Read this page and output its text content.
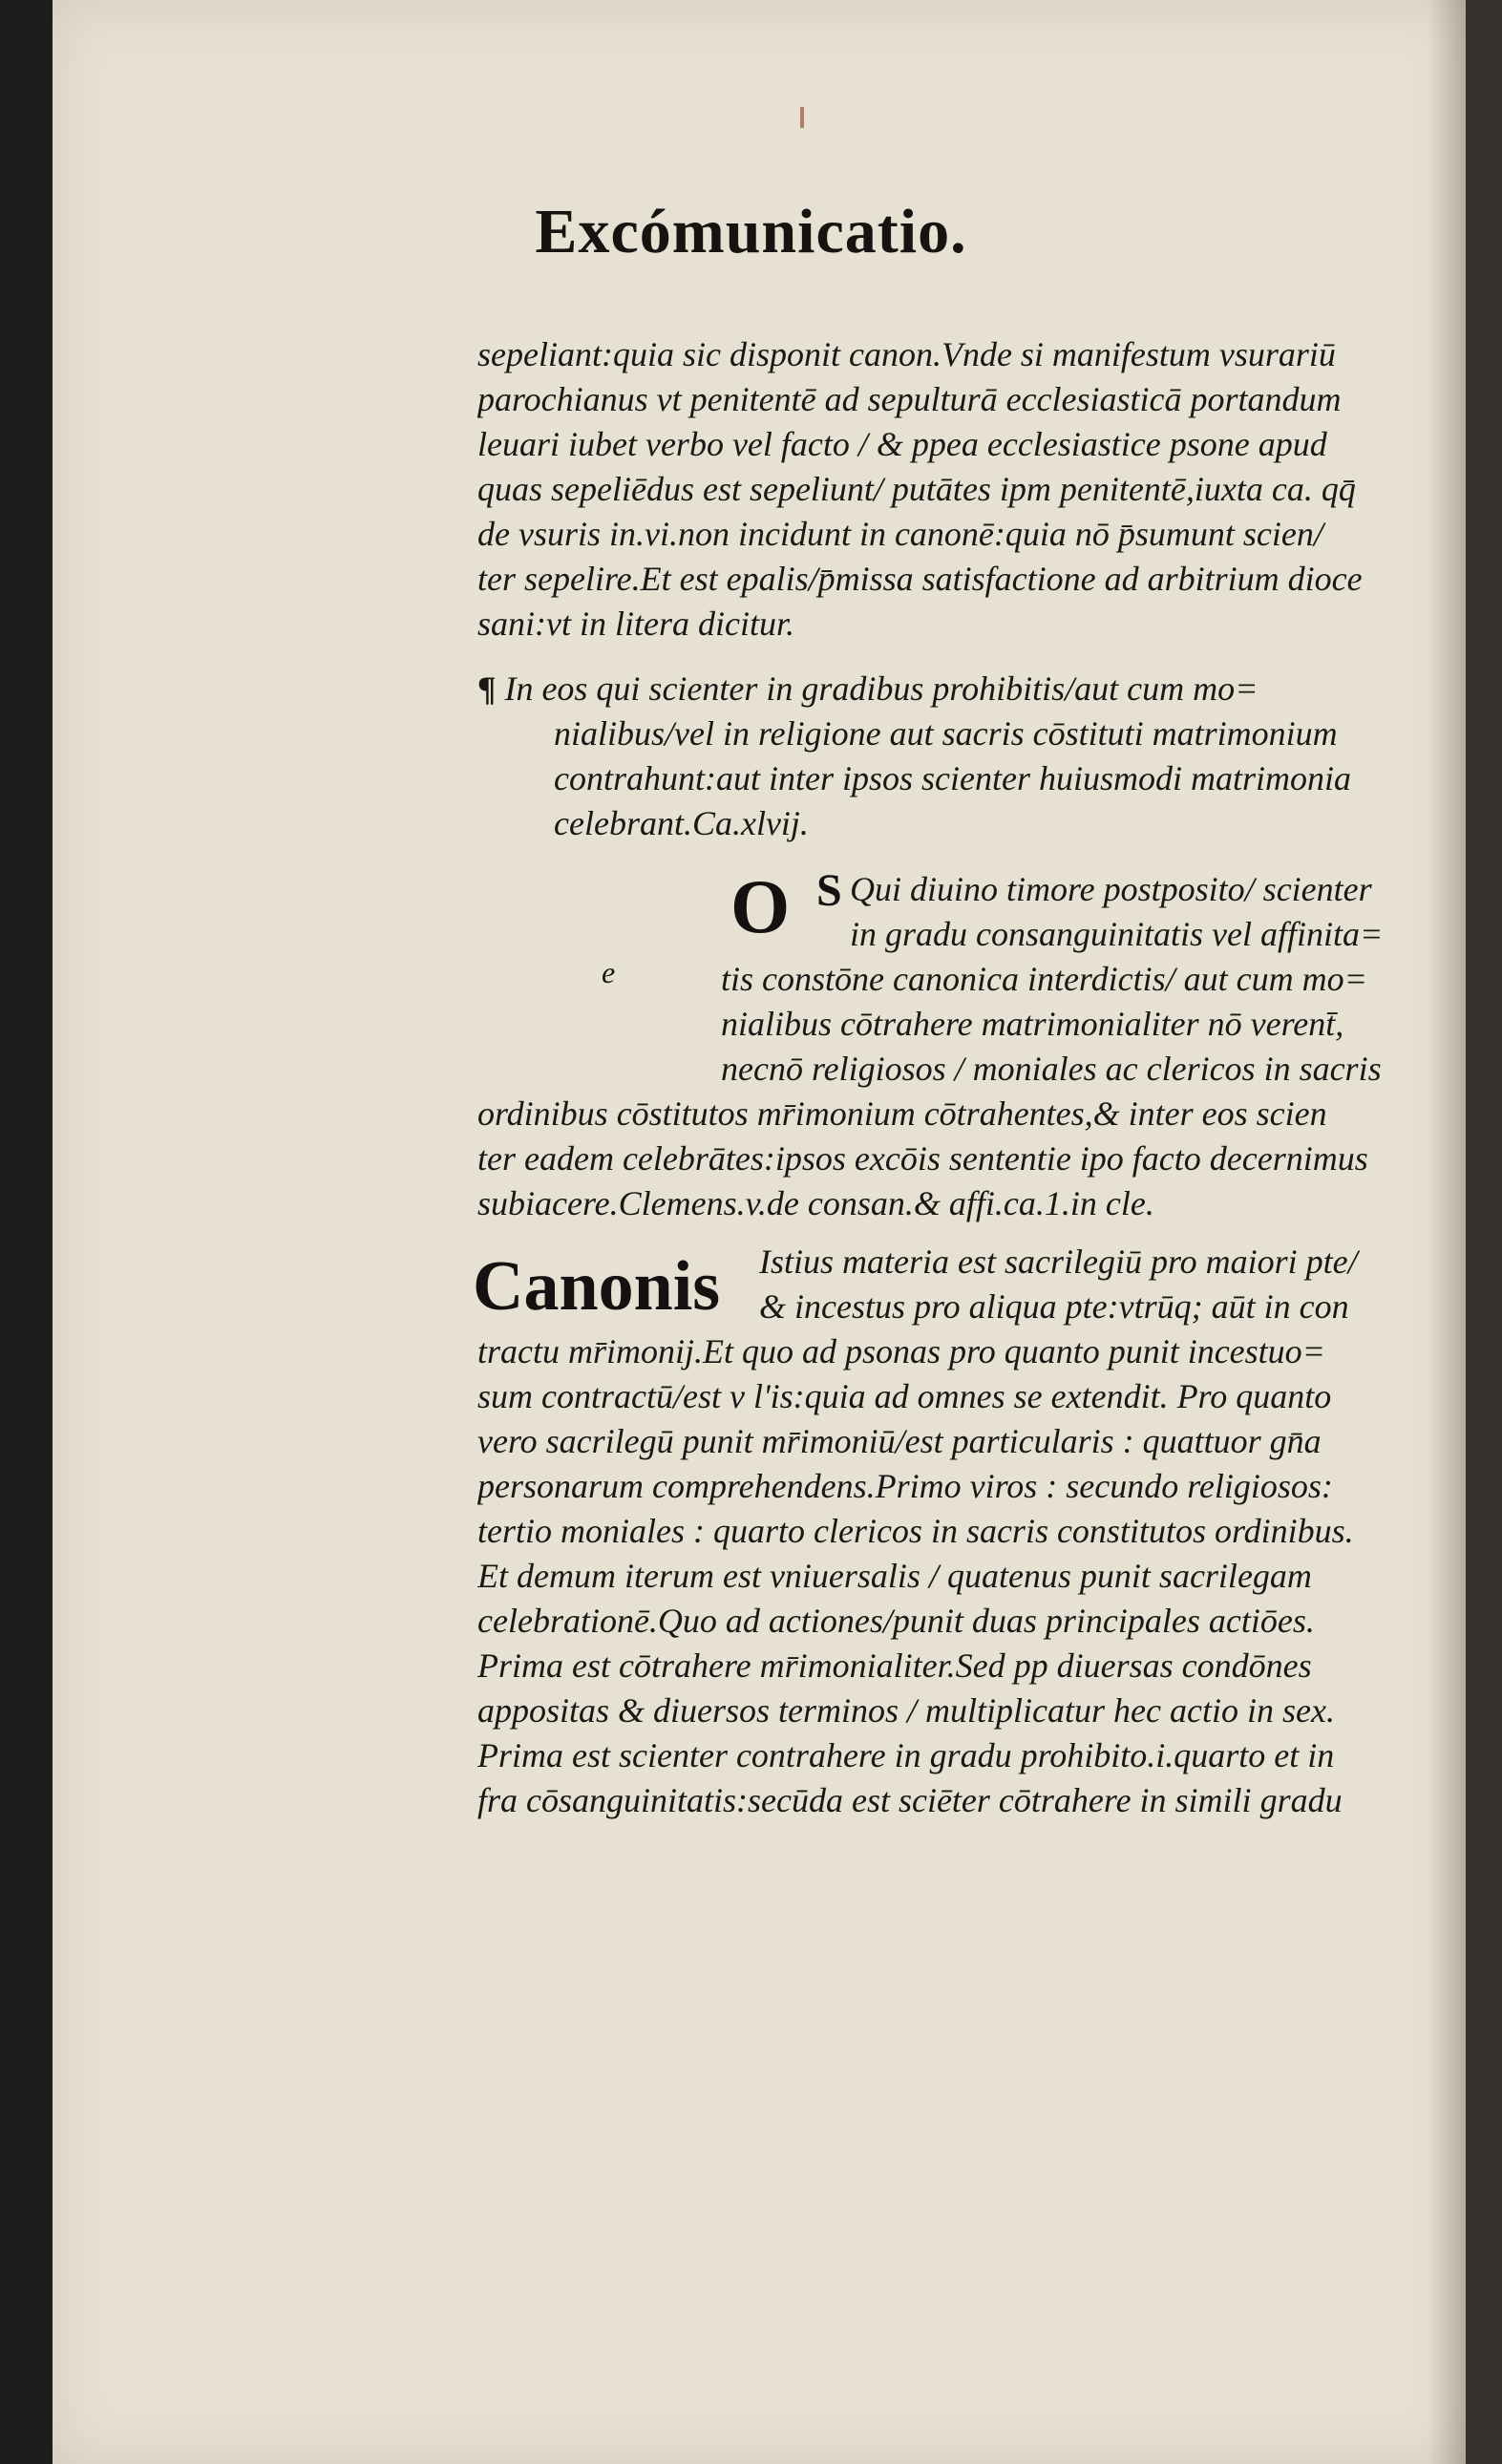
Excómunicatio.
sepeliant:quia sic disponit canon.Vnde si manifestum vsurariū
parochianus vt penitentē ad sepulturā ecclesiasticā portandum
leuari iubet verbo vel facto / & ppea ecclesiastice psone apud
quas sepeliēdus est sepeliunt/ putātes ipm penitentē,iuxta ca. qq̄
de vsuris in.vi.non incidunt in canonē:quia nō p̄sumunt scien/
ter sepelire.Et est epalis/p̄missa satisfactione ad arbitrium dioce
sani:vt in litera dicitur.
¶ In eos qui scienter in gradibus prohibitis/aut cum mo=
nialibus/vel in religione aut sacris cōstituti matrimonium
contrahunt:aut inter ipsos scienter huiusmodi matrimonia
celebrant.Ca.xlvij.
O S
e
Qui diuino timore postposito/ scienter
in gradu consanguinitatis vel affinita=
tis constōne canonica interdictis/ aut cum mo=
nialibus cōtrahere matrimonialiter nō verent̄,
necnō religiosos / moniales ac clericos in sacris
ordinibus cōstitutos mr̄imonium cōtrahentes,& inter eos scien
ter eadem celebrātes:ipsos excōis sententie ipo facto decernimus
subiacere.Clemens.v.de consan.& affi.ca.1.in cle.
Canonis Istius materia est sacrilegiū pro maiori pte/
& incestus pro aliqua pte:vtrūq; aūt in con
tractu mr̄imonij.Et quo ad psonas pro quanto punit incestuo=
sum contractū/est v l'is:quia ad omnes se extendit. Pro quanto
vero sacrilegū punit mr̄imoniū/est particularis : quattuor gn̄a
personarum comprehendens.Primo viros : secundo religiosos:
tertio moniales : quarto clericos in sacris constitutos ordinibus.
Et demum iterum est vniuersalis / quatenus punit sacrilegam
celebrationē.Quo ad actiones/punit duas principales actiōes.
Prima est cōtrahere mr̄imonialiter.Sed pp diuersas condōnes
appositas & diuersos terminos / multiplicatur hec actio in sex.
Prima est scienter contrahere in gradu prohibito.i.quarto et in
fra cōsanguinitatis:secūda est sciēter cōtrahere in simili gradu
